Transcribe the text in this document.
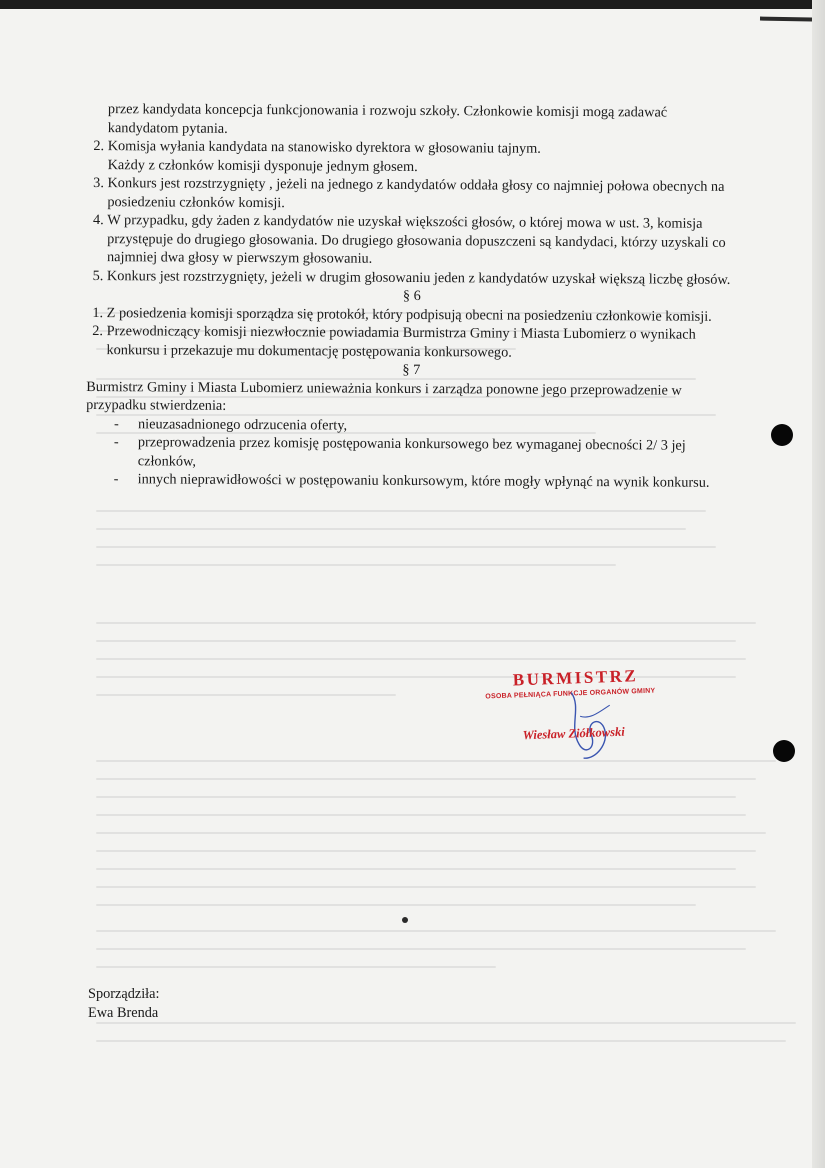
przez kandydata koncepcja funkcjonowania i rozwoju szkoły. Członkowie komisji mogą zadawać kandydatom pytania.

2. Komisja wyłania kandydata na stanowisko dyrektora w głosowaniu tajnym.
Każdy z członków komisji dysponuje jednym głosem.
3. Konkurs jest rozstrzygnięty , jeżeli na jednego z kandydatów oddała głosy co najmniej połowa obecnych na posiedzeniu członków komisji.
4. W przypadku, gdy żaden z kandydatów nie uzyskał większości głosów, o której mowa w ust. 3, komisja przystępuje do drugiego głosowania. Do drugiego głosowania dopuszczeni są kandydaci, którzy uzyskali co najmniej dwa głosy w pierwszym głosowaniu.
5. Konkurs jest rozstrzygnięty, jeżeli w drugim głosowaniu jeden z kandydatów uzyskał większą liczbę głosów.

§ 6

1. Z posiedzenia komisji sporządza się protokół, który podpisują obecni na posiedzeniu członkowie komisji.
2. Przewodniczący komisji niezwłocznie powiadamia Burmistrza Gminy i Miasta Lubomierz o wynikach konkursu i przekazuje mu dokumentację postępowania konkursowego.

§ 7

Burmistrz Gminy i Miasta Lubomierz unieważnia konkurs i zarządza ponowne jego przeprowadzenie w przypadku stwierdzenia:

- nieuzasadnionego odrzucenia oferty,
- przeprowadzenia przez komisję postępowania konkursowego bez wymaganej obecności 2/ 3 jej członków,
- innych nieprawidłowości w postępowaniu konkursowym, które mogły wpłynąć na wynik konkursu.
BURMISTRZ
OSOBA PEŁNIĄCA FUNKCJE ORGANÓW GMINY
Wiesław Ziółkowski
Sporządziła:
Ewa Brenda
